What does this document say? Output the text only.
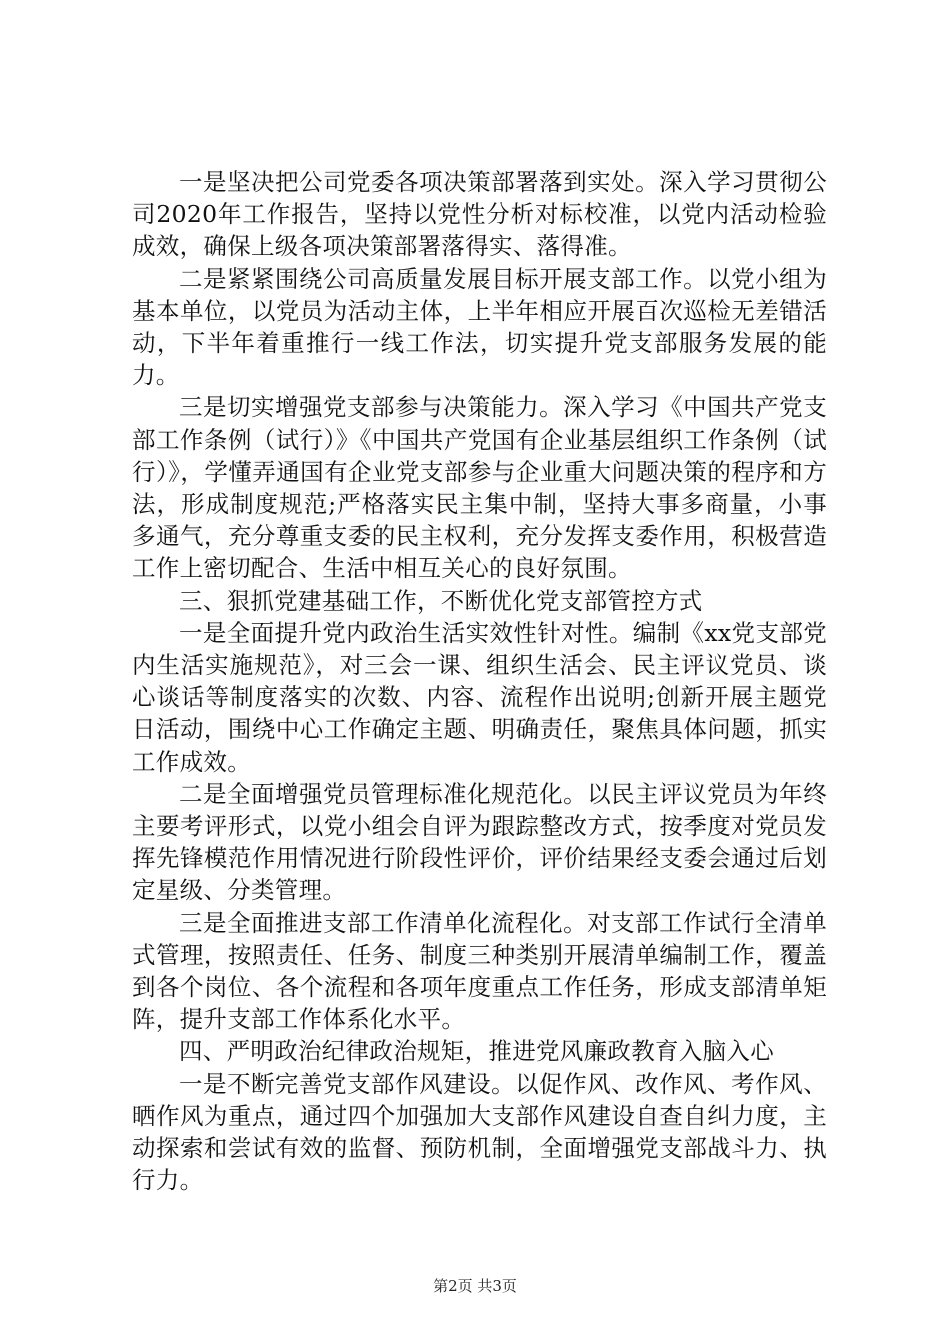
一是坚决把公司党委各项决策部署落到实处。深入学习贯彻公司2020年工作报告，坚持以党性分析对标校准，以党内活动检验成效，确保上级各项决策部署落得实、落得准。

二是紧紧围绕公司高质量发展目标开展支部工作。以党小组为基本单位，以党员为活动主体，上半年相应开展百次巡检无差错活动，下半年着重推行一线工作法，切实提升党支部服务发展的能力。

三是切实增强党支部参与决策能力。深入学习《中国共产党支部工作条例（试行）》《中国共产党国有企业基层组织工作条例（试行）》，学懂弄通国有企业党支部参与企业重大问题决策的程序和方法，形成制度规范;严格落实民主集中制，坚持大事多商量，小事多通气，充分尊重支委的民主权利，充分发挥支委作用，积极营造工作上密切配合、生活中相互关心的良好氛围。

三、狠抓党建基础工作，不断优化党支部管控方式

一是全面提升党内政治生活实效性针对性。编制《xx党支部党内生活实施规范》，对三会一课、组织生活会、民主评议党员、谈心谈话等制度落实的次数、内容、流程作出说明;创新开展主题党日活动，围绕中心工作确定主题、明确责任，聚焦具体问题，抓实工作成效。

二是全面增强党员管理标准化规范化。以民主评议党员为年终主要考评形式，以党小组会自评为跟踪整改方式，按季度对党员发挥先锋模范作用情况进行阶段性评价，评价结果经支委会通过后划定星级、分类管理。

三是全面推进支部工作清单化流程化。对支部工作试行全清单式管理，按照责任、任务、制度三种类别开展清单编制工作，覆盖到各个岗位、各个流程和各项年度重点工作任务，形成支部清单矩阵，提升支部工作体系化水平。

四、严明政治纪律政治规矩，推进党风廉政教育入脑入心

一是不断完善党支部作风建设。以促作风、改作风、考作风、晒作风为重点，通过四个加强加大支部作风建设自查自纠力度，主动探索和尝试有效的监督、预防机制，全面增强党支部战斗力、执行力。

第2页 共3页
